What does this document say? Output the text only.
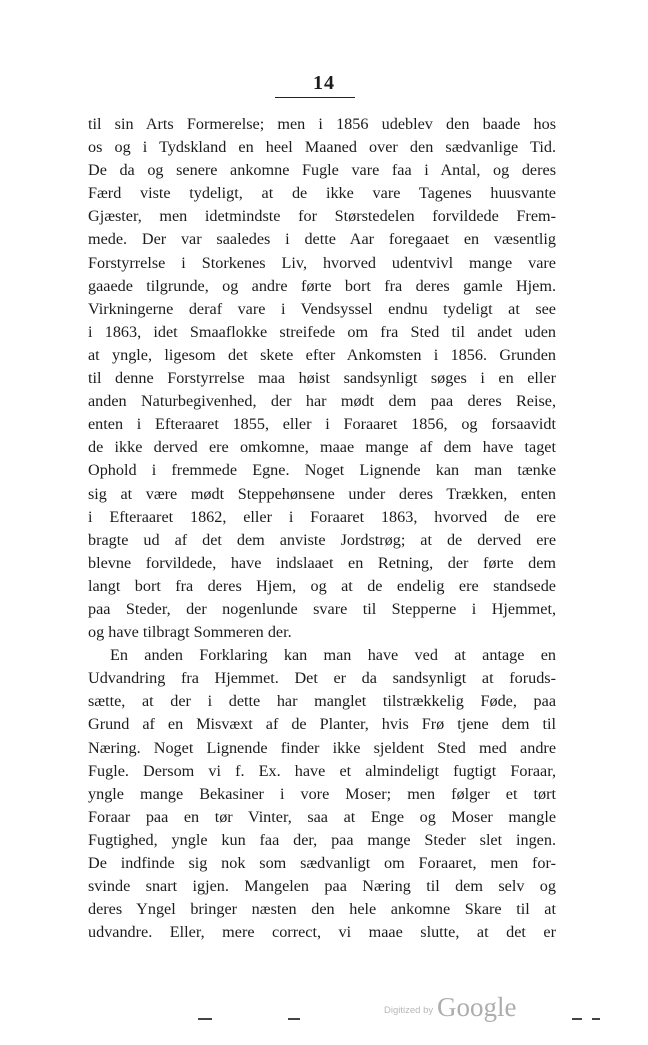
14
til sin Arts Formerelse; men i 1856 udeblev den baade hos
os og i Tydskland en heel Maaned over den sædvanlige Tid.
De da og senere ankomne Fugle vare faa i Antal, og deres
Færd viste tydeligt, at de ikke vare Tagenes huusvante
Gjæster, men idetmindste for Størstedelen forvildede Frem-
mede. Der var saaledes i dette Aar foregaaet en væsentlig
Forstyrrelse i Storkenes Liv, hvorved udentvivl mange vare
gaaede tilgrunde, og andre førte bort fra deres gamle Hjem.
Virkningerne deraf vare i Vendsyssel endnu tydeligt at see
i 1863, idet Smaaflokke streifede om fra Sted til andet uden
at yngle, ligesom det skete efter Ankomsten i 1856. Grunden
til denne Forstyrrelse maa høist sandsynligt søges i en eller
anden Naturbegivenhed, der har mødt dem paa deres Reise,
enten i Efteraaret 1855, eller i Foraaret 1856, og forsaavidt
de ikke derved ere omkomne, maae mange af dem have taget
Ophold i fremmede Egne. Noget Lignende kan man tænke
sig at være mødt Steppehønsene under deres Trækken, enten
i Efteraaret 1862, eller i Foraaret 1863, hvorved de ere
bragte ud af det dem anviste Jordstrøg; at de derved ere
blevne forvildede, have indslaaet en Retning, der førte dem
langt bort fra deres Hjem, og at de endelig ere standsede
paa Steder, der nogenlunde svare til Stepperne i Hjemmet,
og have tilbragt Sommeren der.
En anden Forklaring kan man have ved at antage en
Udvandring fra Hjemmet. Det er da sandsynligt at foruds-
sætte, at der i dette har manglet tilstrækkelig Føde, paa
Grund af en Misvæxt af de Planter, hvis Frø tjene dem til
Næring. Noget Lignende finder ikke sjeldent Sted med andre
Fugle. Dersom vi f. Ex. have et almindeligt fugtigt Foraar,
yngle mange Bekasiner i vore Moser; men følger et tørt
Foraar paa en tør Vinter, saa at Enge og Moser mangle
Fugtighed, yngle kun faa der, paa mange Steder slet ingen.
De indfinde sig nok som sædvanligt om Foraaret, men for-
svinde snart igjen. Mangelen paa Næring til dem selv og
deres Yngel bringer næsten den hele ankomne Skare til at
udvandre. Eller, mere correct, vi maae slutte, at det er
Digitized by Google
